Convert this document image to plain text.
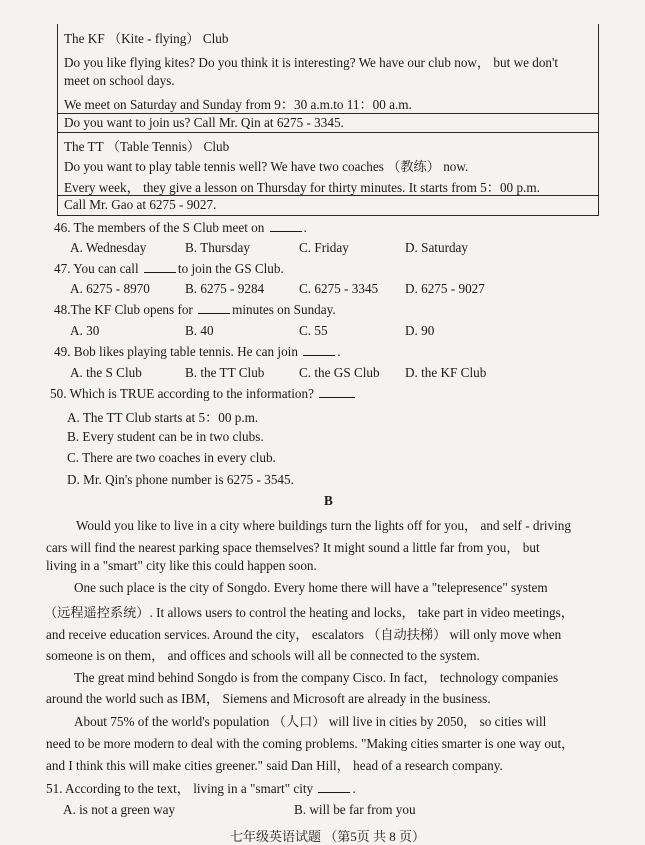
The KF （Kite - flying） Club
Do you like flying kites? Do you think it is interesting? We have our club now， but we don't
meet on school days.
We meet on Saturday and Sunday from 9：30 a.m.to 11：00 a.m.
Do you want to join us? Call Mr. Qin at 6275 - 3345.
The TT （Table Tennis） Club
Do you want to play table tennis well? We have two coaches （教练） now.
Every week， they give a lesson on Thursday for thirty minutes. It starts from 5：00 p.m.
Call Mr. Gao at 6275 - 9027.
46. The members of the S Club meet on	.
A. Wednesday	B. Thursday	C. Friday	D. Saturday
47. You can call	to join the GS Club.
A. 6275 - 8970	B. 6275 - 9284	C. 6275 - 3345 D. 6275 - 9027
48.The KF Club opens for	minutes on Sunday.
A. 30	B. 40	C. 55	D. 90
49. Bob likes playing table tennis. He can join	.
A. the S Club	B. the TT Club	C. the GS Club D. the KF Club
50. Which is TRUE according to the information?
A. The TT Club starts at 5：00 p.m.
B. Every student can be in two clubs.
C. There are two coaches in every club.
D. Mr. Qin's phone number is 6275 - 3545.
B
Would you like to live in a city where buildings turn the lights off for you， and self - driving
cars will find the nearest parking space themselves? It might sound a little far from you， but
living in a "smart" city like this could happen soon.
One such place is the city of Songdo. Every home there will have a "telepresence" system
（远程遥控系统）. It allows users to control the heating and locks， take part in video meetings，
and receive education services. Around the city， escalators （自动扶梯） will only move when
someone is on them， and offices and schools will all be connected to the system.
The great mind behind Songdo is from the company Cisco. In fact， technology companies
around the world such as IBM， Siemens and Microsoft are already in the business.
About 75% of the world's population （人口） will live in cities by 2050， so cities will
need to be more modern to deal with the coming problems. "Making cities smarter is one way out，
and I think this will make cities greener." said Dan Hill， head of a research company.
51. According to the text， living in a "smart" city	.
A. is not a green way	B. will be far from you
七年级英语试题 （第5页 共 8 页）
